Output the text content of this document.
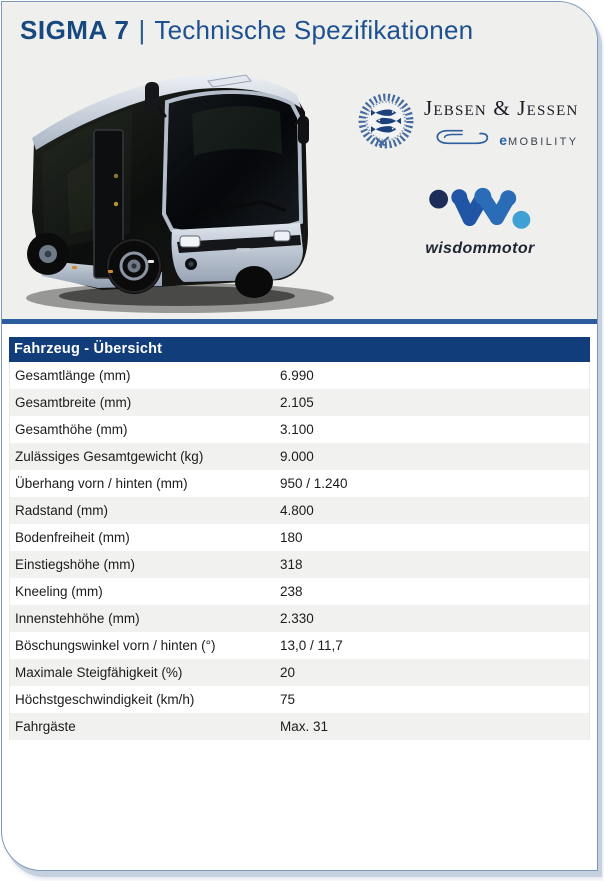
SIGMA 7 | Technische Spezifikationen
Jebsen & Jessen
eMOBILITY
wisdommotor
Fahrzeug - Übersicht
Gesamtlänge (mm)	6.990
Gesamtbreite (mm)	2.105
Gesamthöhe (mm)	3.100
Zulässiges Gesamtgewicht (kg)	9.000
Überhang vorn / hinten (mm)	950 / 1.240
Radstand (mm)	4.800
Bodenfreiheit (mm)	180
Einstiegshöhe (mm)	318
Kneeling (mm)	238
Innenstehhöhe (mm)	2.330
Böschungswinkel vorn / hinten (°)	13,0 / 11,7
Maximale Steigfähigkeit (%)	20
Höchstgeschwindigkeit (km/h)	75
Fahrgäste	Max. 31
